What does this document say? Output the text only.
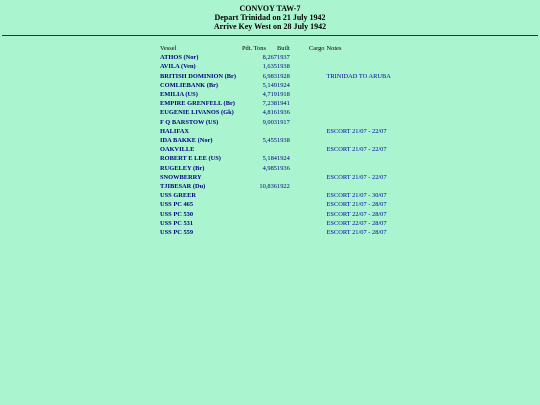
CONVOY TAW-7
Depart Trinidad on 21 July 1942
Arrive Key West on 28 July 1942
Vessel	Pdt. Tons	Built	Cargo	Notes
ATHOS (Nor)	8,267	1937		
AVILA (Ven)	1,635	1938		
BRITISH DOMINION (Br)	6,983	1928		TRINIDAD TO ARUBA
COMLIEBANK (Br)	5,149	1924		
EMILIA (US)	4,719	1918		
EMPIRE GRENFELL (Br)	7,238	1941		
EUGENIE LIVANOS (Gk)	4,816	1936		
F Q BARSTOW (US)	9,003	1917		
HALIFAX				ESCORT 21/07 - 22/07
IDA BAKKE (Nor)	5,455	1938		
OAKVILLE				ESCORT 21/07 - 22/07
ROBERT E LEE (US)	5,184	1924		
RUGELEY (Br)	4,985	1936		
SNOWBERRY				ESCORT 21/07 - 22/07
TJIBESAR (Du)	10,836	1922		
USS GREER				ESCORT 21/07 - 30/07
USS PC 465				ESCORT 21/07 - 28/07
USS PC 530				ESCORT 22/07 - 28/07
USS PC 531				ESCORT 22/07 - 28/07
USS PC 559				ESCORT 21/07 - 28/07
